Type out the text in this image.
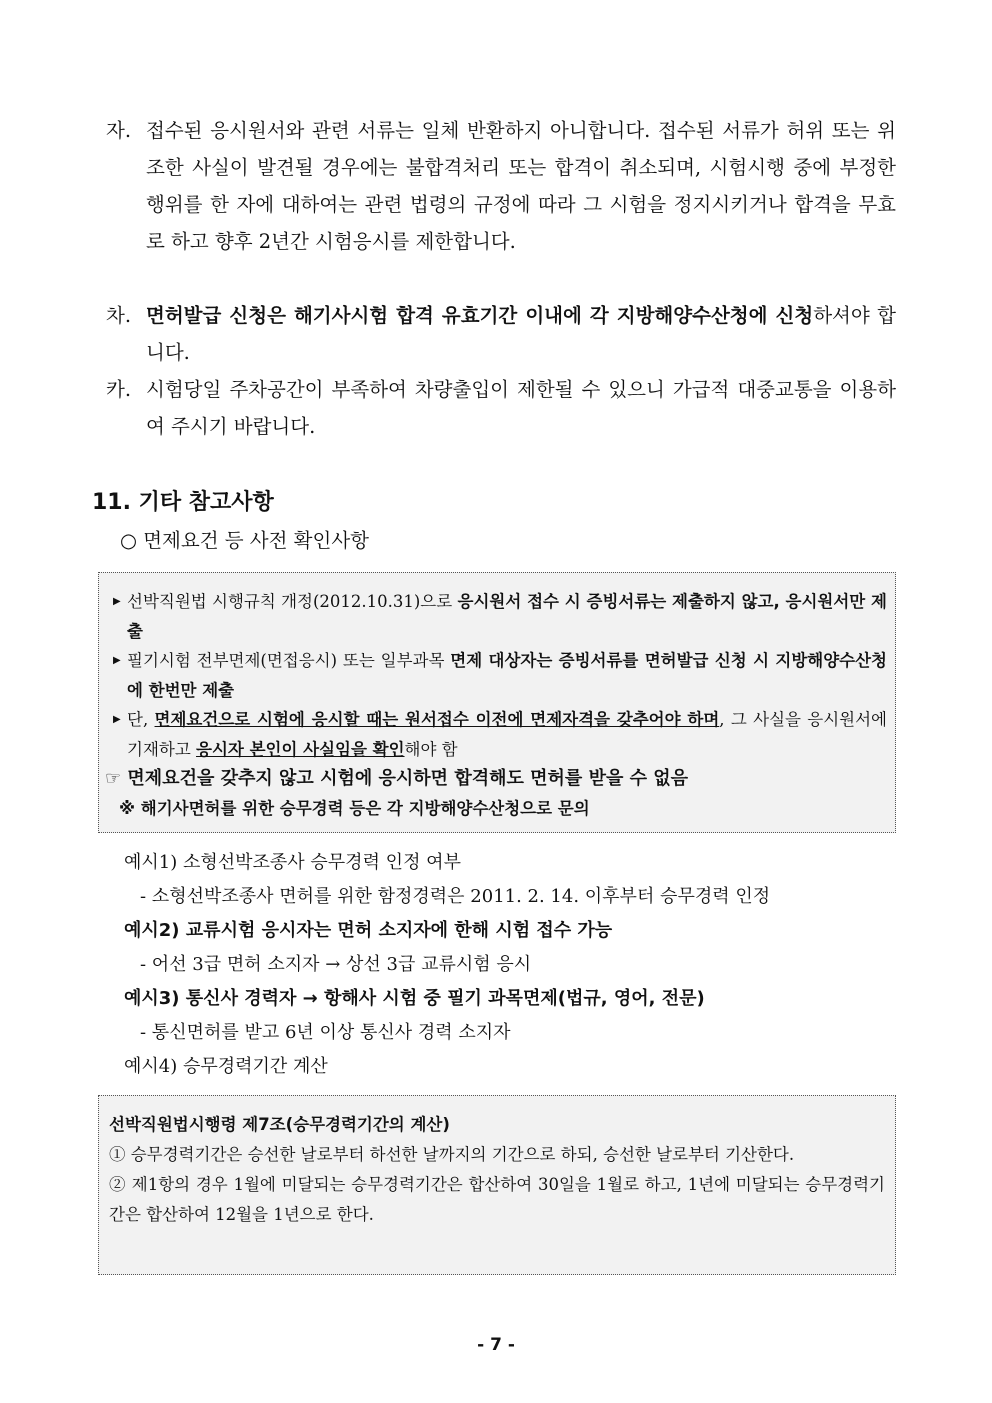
자. 접수된 응시원서와 관련 서류는 일체 반환하지 아니합니다. 접수된 서류가 허위 또는 위조한 사실이 발견될 경우에는 불합격처리 또는 합격이 취소되며, 시험시행 중에 부정한 행위를 한 자에 대하여는 관련 법령의 규정에 따라 그 시험을 정지시키거나 합격을 무효로 하고 향후 2년간 시험응시를 제한합니다.
차. 면허발급 신청은 해기사시험 합격 유효기간 이내에 각 지방해양수산청에 신청하셔야 합니다.
카. 시험당일 주차공간이 부족하여 차량출입이 제한될 수 있으니 가급적 대중교통을 이용하여 주시기 바랍니다.
11. 기타 참고사항
○ 면제요건 등 사전 확인사항
▶ 선박직원법 시행규칙 개정(2012.10.31)으로 응시원서 접수 시 증빙서류는 제출하지 않고, 응시원서만 제출
▶ 필기시험 전부면제(면접응시) 또는 일부과목 면제 대상자는 증빙서류를 면허발급 신청 시 지방해양수산청에 한번만 제출
▶ 단, 면제요건으로 시험에 응시할 때는 원서접수 이전에 면제자격을 갖추어야 하며, 그 사실을 응시원서에 기재하고 응시자 본인이 사실임을 확인해야 함
☞ 면제요건을 갖추지 않고 시험에 응시하면 합격해도 면허를 받을 수 없음
※ 해기사면허를 위한 승무경력 등은 각 지방해양수산청으로 문의
예시1) 소형선박조종사 승무경력 인정 여부
- 소형선박조종사 면허를 위한 함정경력은 2011. 2. 14. 이후부터 승무경력 인정
예시2) 교류시험 응시자는 면허 소지자에 한해 시험 접수 가능
- 어선 3급 면허 소지자 → 상선 3급 교류시험 응시
예시3) 통신사 경력자 → 항해사 시험 중 필기 과목면제(법규, 영어, 전문)
- 통신면허를 받고 6년 이상 통신사 경력 소지자
예시4) 승무경력기간 계산
선박직원법시행령 제7조(승무경력기간의 계산)
① 승무경력기간은 승선한 날로부터 하선한 날까지의 기간으로 하되, 승선한 날로부터 기산한다.
② 제1항의 경우 1월에 미달되는 승무경력기간은 합산하여 30일을 1월로 하고, 1년에 미달되는 승무경력기간은 합산하여 12월을 1년으로 한다.
- 7 -
